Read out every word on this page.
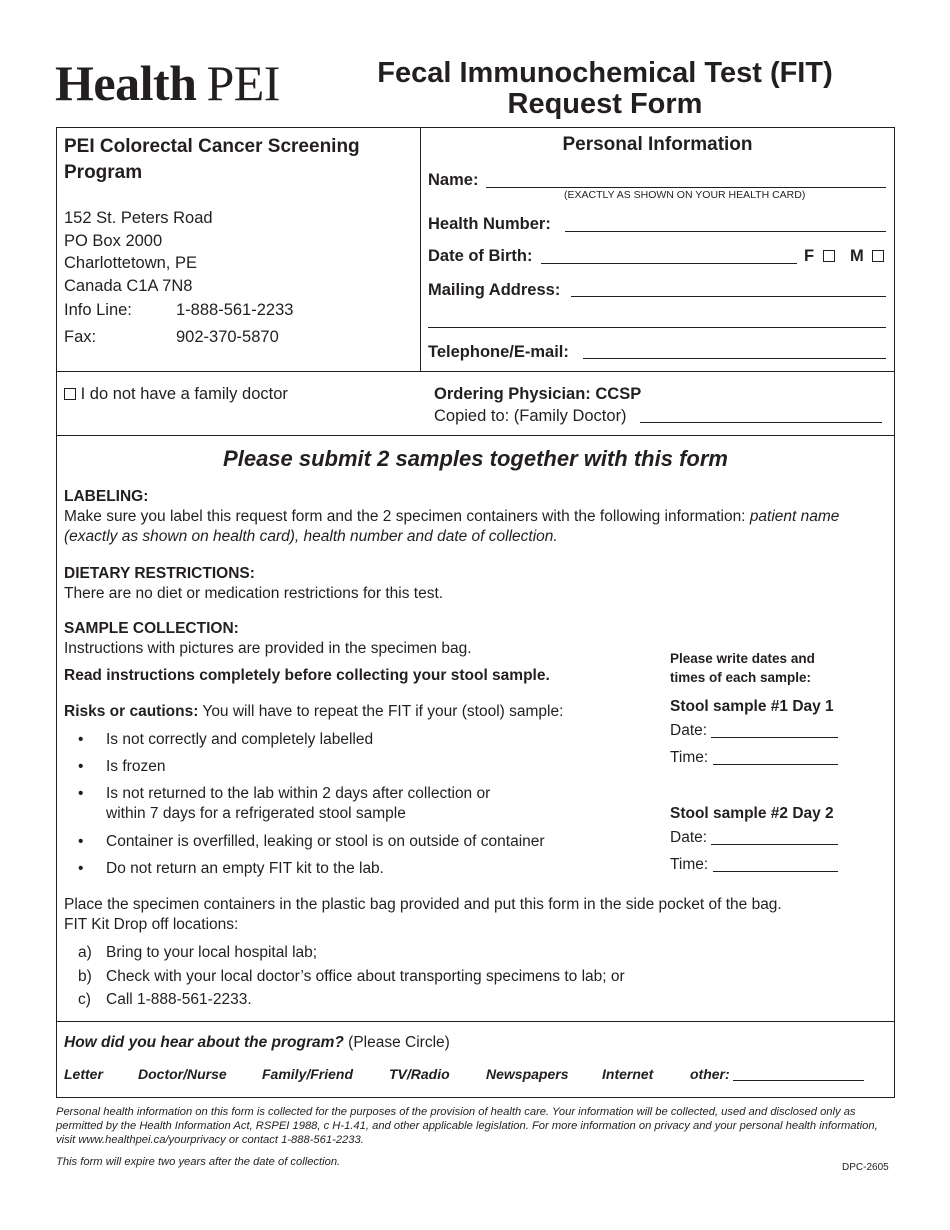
Health PEI	Fecal Immunochemical Test (FIT)
Request Form
PEI Colorectal Cancer Screening
Program
152 St. Peters Road
PO Box 2000
Charlottetown, PE
Canada C1A 7N8
Info Line:	1-888-561-2233
Fax:	902-370-5870
Personal Information
Name:
(EXACTLY AS SHOWN ON YOUR HEALTH CARD)
Health Number:
Date of Birth:	F	M
Mailing Address:
Telephone/E-mail:
I do not have a family doctor	Ordering Physician: CCSP
Copied to: (Family Doctor)
Please submit 2 samples together with this form
LABELING:
Make sure you label this request form and the 2 specimen containers with the following information: patient name
(exactly as shown on health card), health number and date of collection.
DIETARY RESTRICTIONS:
There are no diet or medication restrictions for this test.
SAMPLE COLLECTION:
Instructions with pictures are provided in the specimen bag.
Read instructions completely before collecting your stool sample.
Risks or cautions: You will have to repeat the FIT if your (stool) sample:
• Is not correctly and completely labelled
• Is frozen
• Is not returned to the lab within 2 days after collection or
within 7 days for a refrigerated stool sample
• Container is overfilled, leaking or stool is on outside of container
• Do not return an empty FIT kit to the lab.
Place the specimen containers in the plastic bag provided and put this form in the side pocket of the bag.
FIT Kit Drop off locations:
a) Bring to your local hospital lab;
b) Check with your local doctor’s office about transporting specimens to lab; or
c) Call 1-888-561-2233.
Please write dates and
times of each sample:
Stool sample #1 Day 1
Date:
Time:
Stool sample #2 Day 2
Date:
Time:
How did you hear about the program? (Please Circle)
Letter	Doctor/Nurse	Family/Friend	TV/Radio	Newspapers Internet	other:
Personal health information on this form is collected for the purposes of the provision of health care. Your information will be collected, used and disclosed only as permitted by the Health Information Act, RSPEI 1988, c H-1.41, and other applicable legislation. For more information on privacy and your personal health information, visit www.healthpei.ca/yourprivacy or contact 1-888-561-2233.
This form will expire two years after the date of collection.	DPC-2605
